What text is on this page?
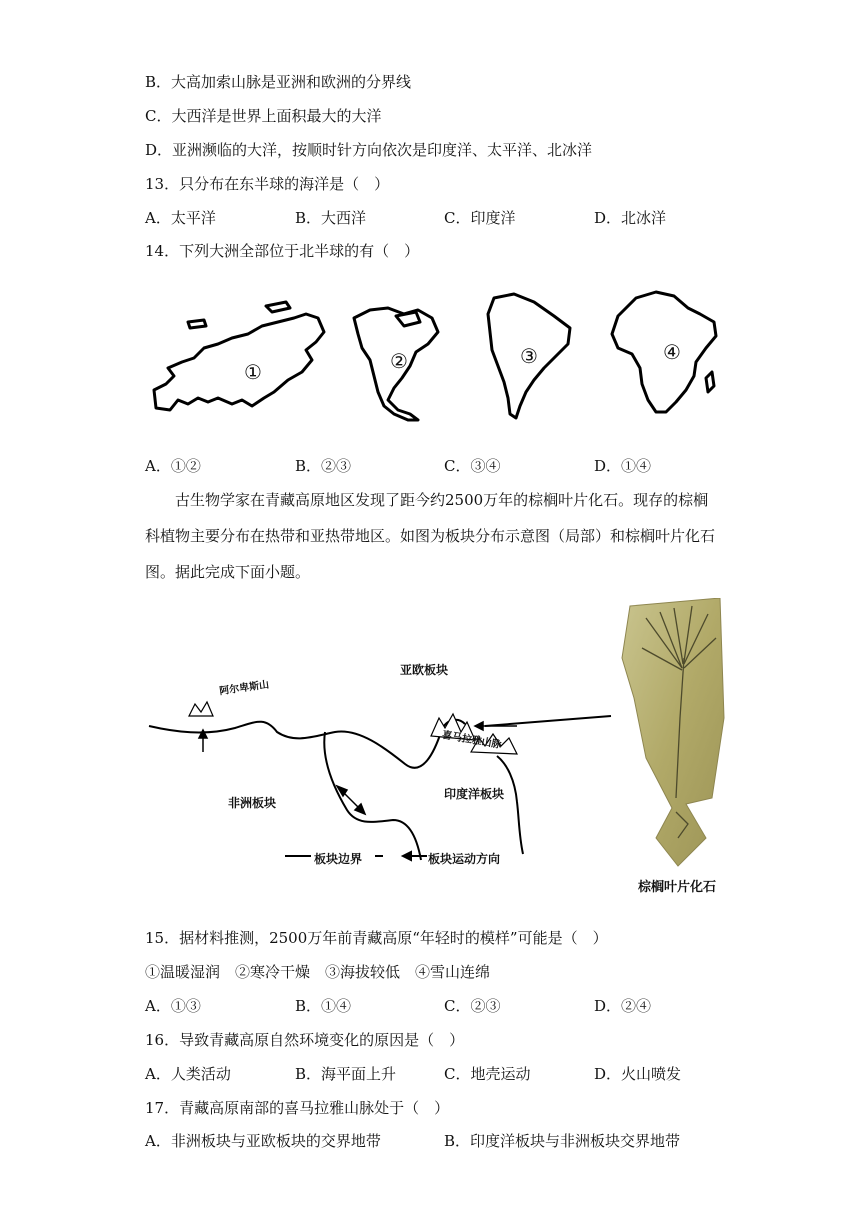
B．大高加索山脉是亚洲和欧洲的分界线
C．大西洋是世界上面积最大的大洋
D．亚洲濒临的大洋，按顺时针方向依次是印度洋、太平洋、北冰洋
13．只分布在东半球的海洋是（　）
A．太平洋	B．大西洋	C．印度洋	D．北冰洋
14．下列大洲全部位于北半球的有（　）
①	②	③	④
A．①②	B．②③	C．③④	D．①④
古生物学家在青藏高原地区发现了距今约2500万年的棕榈叶片化石。现存的棕榈科植物主要分布在热带和亚热带地区。如图为板块分布示意图（局部）和棕榈叶片化石图。据此完成下面小题。
亚欧板块
阿尔卑斯山
喜马拉雅山脉
非洲板块
印度洋板块
板块边界	板块运动方向
棕榈叶片化石
15．据材料推测，2500万年前青藏高原“年轻时的模样”可能是（　）
①温暖湿润　②寒冷干燥　③海拔较低　④雪山连绵
A．①③	B．①④	C．②③	D．②④
16．导致青藏高原自然环境变化的原因是（　）
A．人类活动	B．海平面上升	C．地壳运动	D．火山喷发
17．青藏高原南部的喜马拉雅山脉处于（　）
A．非洲板块与亚欧板块的交界地带	B．印度洋板块与非洲板块交界地带
